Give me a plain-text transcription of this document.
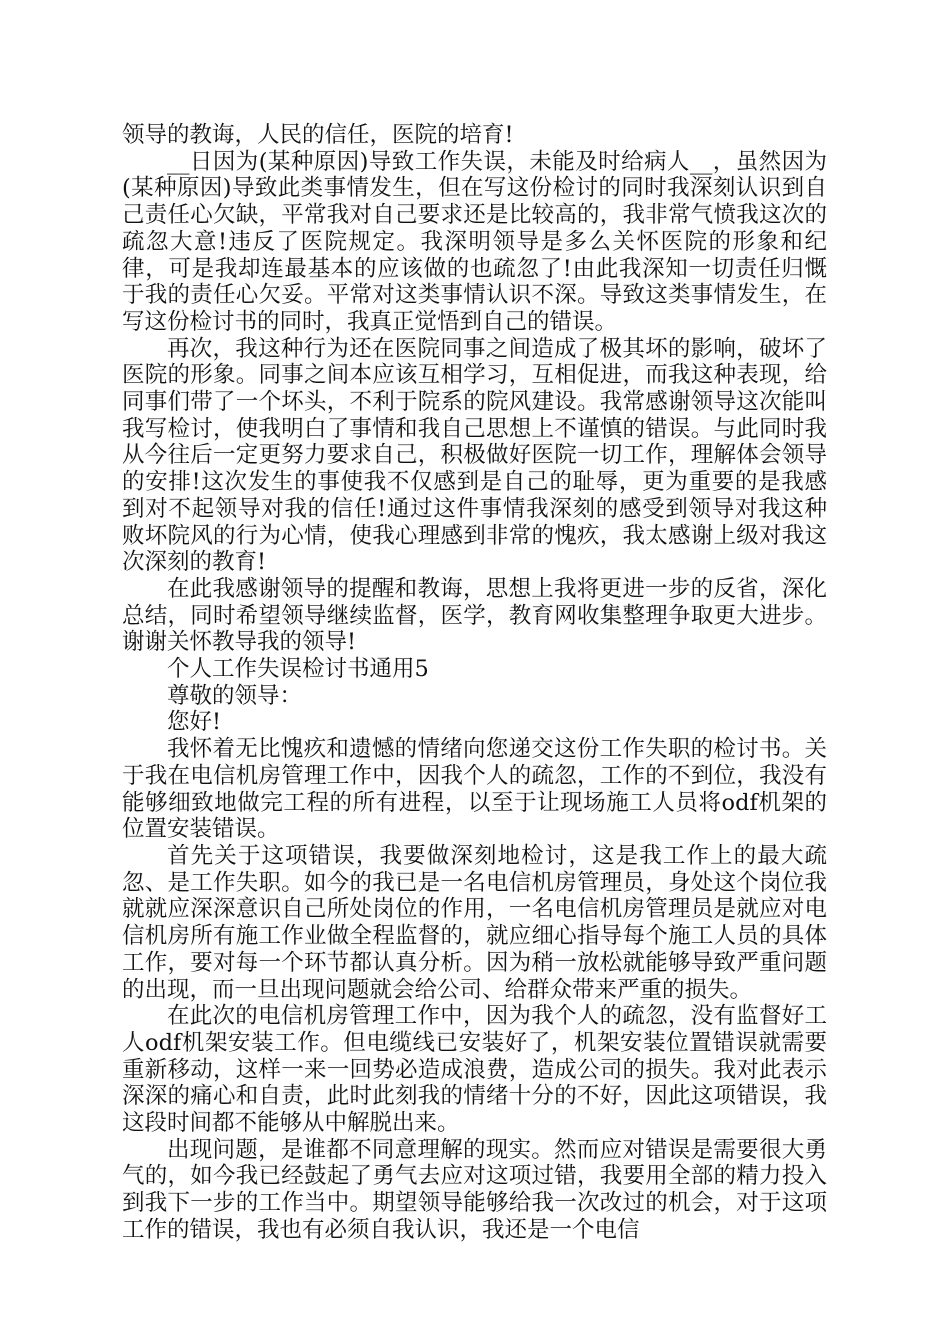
领导的教诲，人民的信任，医院的培育!

__日因为(某种原因)导致工作失误，未能及时给病人__，虽然因为(某种原因)导致此类事情发生，但在写这份检讨的同时我深刻认识到自己责任心欠缺，平常我对自己要求还是比较高的，我非常气愤我这次的疏忽大意!违反了医院规定。我深明领导是多么关怀医院的形象和纪律，可是我却连最基本的应该做的也疏忽了!由此我深知一切责任归慨于我的责任心欠妥。平常对这类事情认识不深。导致这类事情发生，在写这份检讨书的同时，我真正觉悟到自己的错误。

再次，我这种行为还在医院同事之间造成了极其坏的影响，破坏了医院的形象。同事之间本应该互相学习，互相促进，而我这种表现，给同事们带了一个坏头，不利于院系的院风建设。我常感谢领导这次能叫我写检讨，使我明白了事情和我自己思想上不谨慎的错误。与此同时我从今往后一定更努力要求自己，积极做好医院一切工作，理解体会领导的安排!这次发生的事使我不仅感到是自己的耻辱，更为重要的是我感到对不起领导对我的信任!通过这件事情我深刻的感受到领导对我这种败坏院风的行为心情，使我心理感到非常的愧疚，我太感谢上级对我这次深刻的教育!

在此我感谢领导的提醒和教诲，思想上我将更进一步的反省，深化总结，同时希望领导继续监督，医学，教育网收集整理争取更大进步。谢谢关怀教导我的领导!

个人工作失误检讨书通用5

尊敬的领导：

您好!

我怀着无比愧疚和遗憾的情绪向您递交这份工作失职的检讨书。关于我在电信机房管理工作中，因我个人的疏忽，工作的不到位，我没有能够细致地做完工程的所有进程，以至于让现场施工人员将odf机架的位置安装错误。

首先关于这项错误，我要做深刻地检讨，这是我工作上的最大疏忽、是工作失职。如今的我已是一名电信机房管理员，身处这个岗位我就就应深深意识自己所处岗位的作用，一名电信机房管理员是就应对电信机房所有施工作业做全程监督的，就应细心指导每个施工人员的具体工作，要对每一个环节都认真分析。因为稍一放松就能够导致严重问题的出现，而一旦出现问题就会给公司、给群众带来严重的损失。

在此次的电信机房管理工作中，因为我个人的疏忽，没有监督好工人odf机架安装工作。但电缆线已安装好了，机架安装位置错误就需要重新移动，这样一来一回势必造成浪费，造成公司的损失。我对此表示深深的痛心和自责，此时此刻我的情绪十分的不好，因此这项错误，我这段时间都不能够从中解脱出来。

出现问题，是谁都不同意理解的现实。然而应对错误是需要很大勇气的，如今我已经鼓起了勇气去应对这项过错，我要用全部的精力投入到我下一步的工作当中。期望领导能够给我一次改过的机会，对于这项工作的错误，我也有必须自我认识，我还是一个电信
